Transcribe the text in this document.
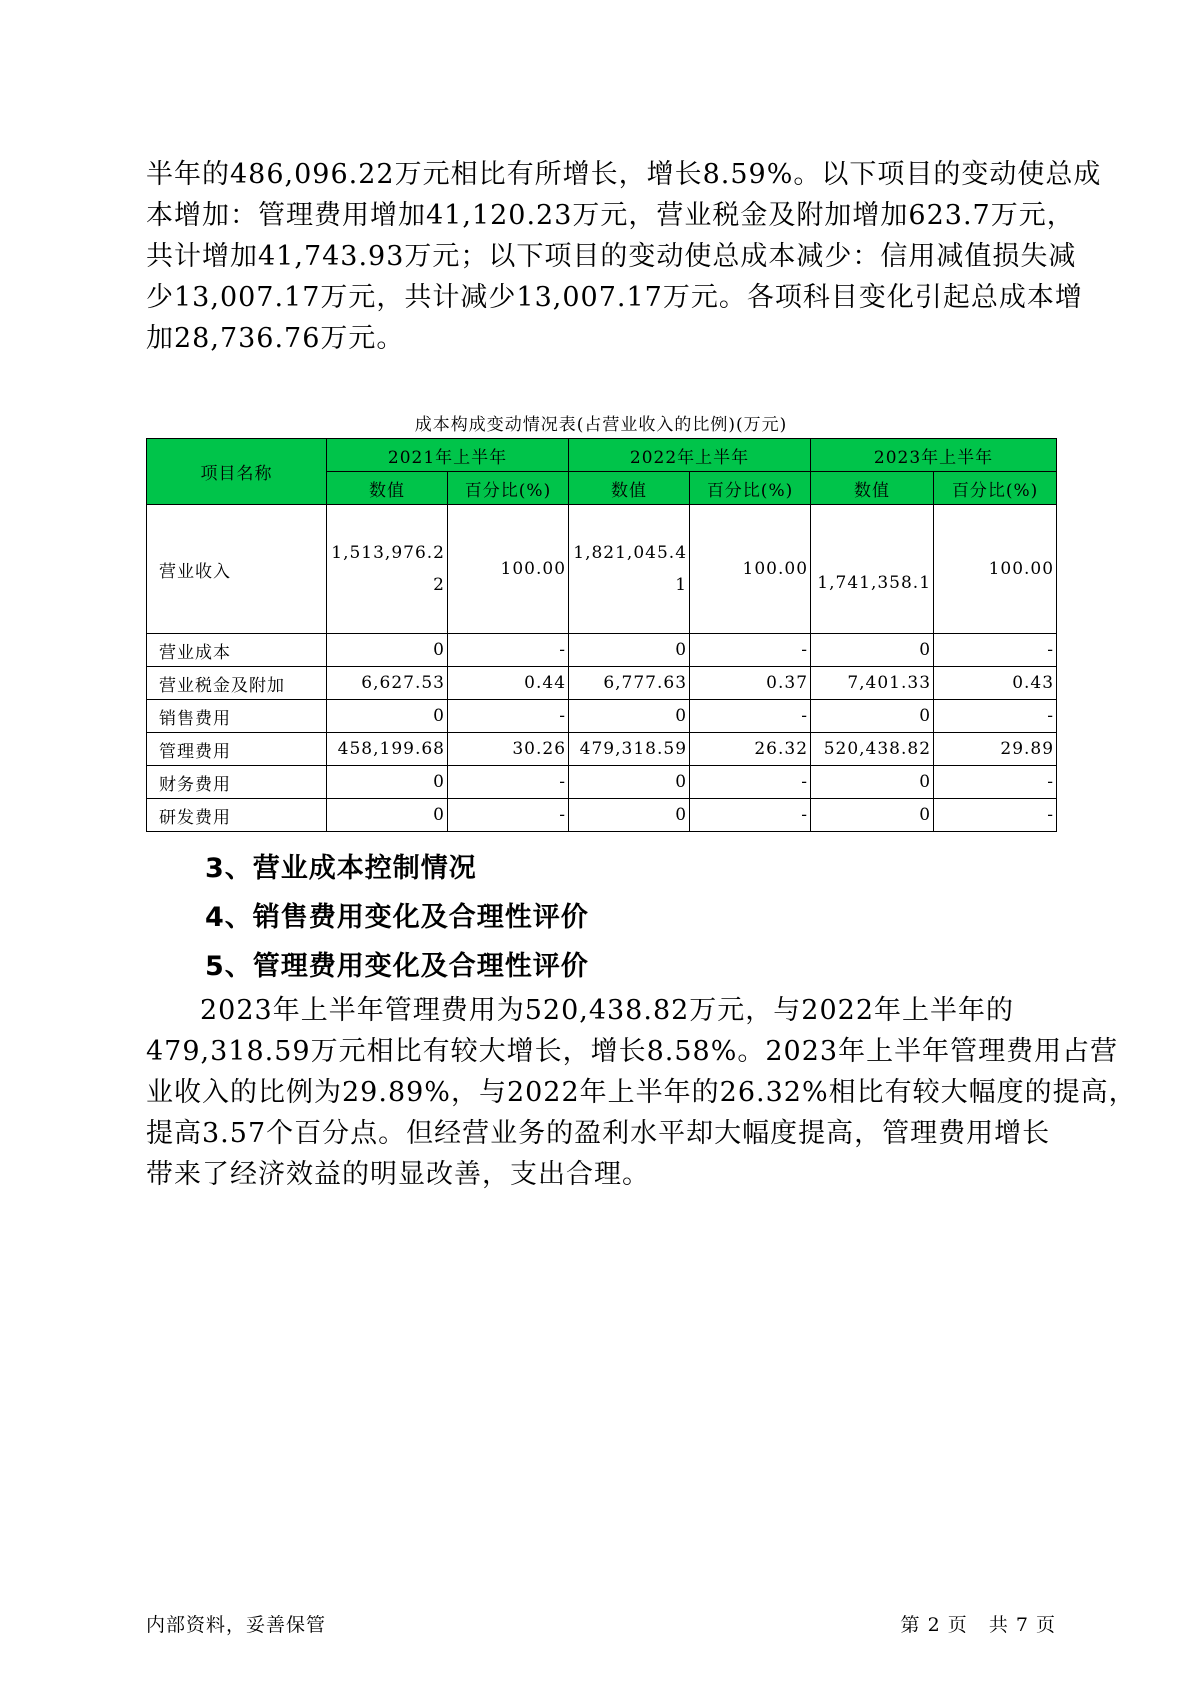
半年的486,096.22万元相比有所增长，增长8.59%。以下项目的变动使总成
本增加：管理费用增加41,120.23万元，营业税金及附加增加623.7万元，
共计增加41,743.93万元；以下项目的变动使总成本减少：信用减值损失减
少13,007.17万元，共计减少13,007.17万元。各项科目变化引起总成本增
加28,736.76万元。
成本构成变动情况表(占营业收入的比例)(万元)
项目名称	2021年上半年		2022年上半年		2023年上半年	
	数值	百分比(%)	数值	百分比(%)	数值	百分比(%)
营业收入	1,513,976.22	100.00	1,821,045.41	100.00	1,741,358.1	100.00
营业成本	0	-	0	-	0	-
营业税金及附加	6,627.53	0.44	6,777.63	0.37	7,401.33	0.43
销售费用	0	-	0	-	0	-
管理费用	458,199.68	30.26	479,318.59	26.32	520,438.82	29.89
财务费用	0	-	0	-	0	-
研发费用	0	-	0	-	0	-
3、营业成本控制情况
4、销售费用变化及合理性评价
5、管理费用变化及合理性评价
2023年上半年管理费用为520,438.82万元，与2022年上半年的
479,318.59万元相比有较大增长，增长8.58%。2023年上半年管理费用占营
业收入的比例为29.89%，与2022年上半年的26.32%相比有较大幅度的提高，
提高3.57个百分点。但经营业务的盈利水平却大幅度提高，管理费用增长
带来了经济效益的明显改善，支出合理。
内部资料，妥善保管	第 2 页   共 7 页
